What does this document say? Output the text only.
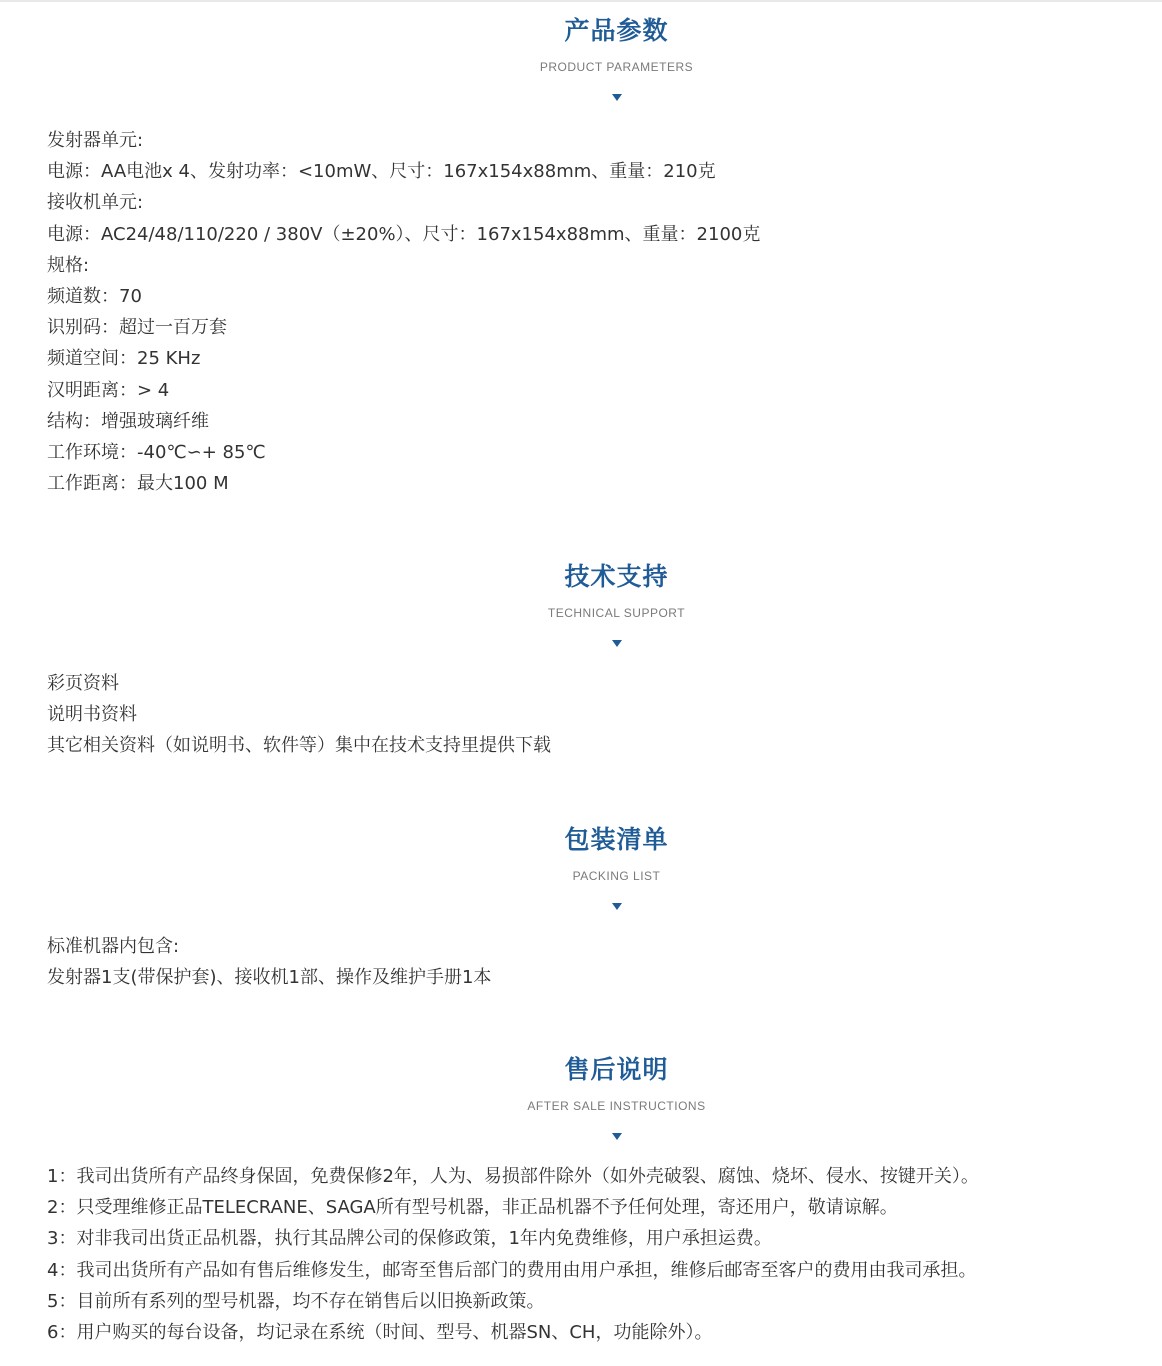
产品参数
PRODUCT PARAMETERS
发射器单元:
电源：AA电池x 4、发射功率：<10mW、尺寸：167x154x88mm、重量：210克
接收机单元:
电源：AC24/48/110/220 / 380V（±20%）、尺寸：167x154x88mm、重量：2100克
规格:
频道数：70
识别码：超过一百万套
频道空间：25 KHz
汉明距离：> 4
结构：增强玻璃纤维
工作环境：-40℃∽+ 85℃
工作距离：最大100 M
技术支持
TECHNICAL SUPPORT
彩页资料
说明书资料
其它相关资料（如说明书、软件等）集中在技术支持里提供下载
包装清单
PACKING LIST
标准机器内包含:
发射器1支(带保护套)、接收机1部、操作及维护手册1本
售后说明
AFTER SALE INSTRUCTIONS
1：我司出货所有产品终身保固，免费保修2年，人为、易损部件除外（如外壳破裂、腐蚀、烧坏、侵水、按键开关）。
2：只受理维修正品TELECRANE、SAGA所有型号机器，非正品机器不予任何处理，寄还用户，敬请谅解。
3：对非我司出货正品机器，执行其品牌公司的保修政策，1年内免费维修，用户承担运费。
4：我司出货所有产品如有售后维修发生，邮寄至售后部门的费用由用户承担，维修后邮寄至客户的费用由我司承担。
5：目前所有系列的型号机器，均不存在销售后以旧换新政策。
6：用户购买的每台设备，均记录在系统（时间、型号、机器SN、CH，功能除外）。
